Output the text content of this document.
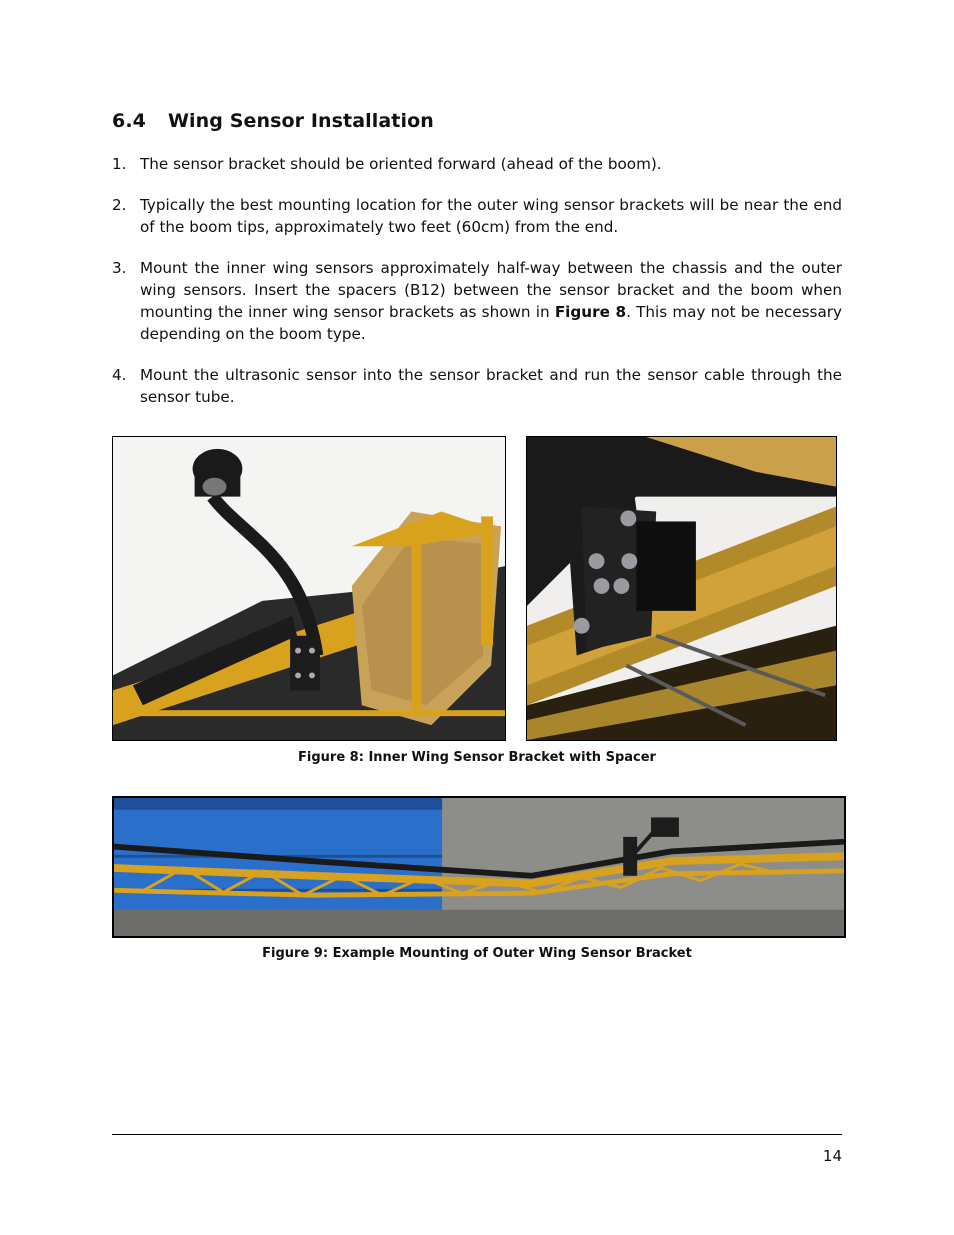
6.4 Wing Sensor Installation
1. The sensor bracket should be oriented forward (ahead of the boom).
2. Typically the best mounting location for the outer wing sensor brackets will be near the end of the boom tips, approximately two feet (60cm) from the end.
3. Mount the inner wing sensors approximately half-way between the chassis and the outer wing sensors. Insert the spacers (B12) between the sensor bracket and the boom when mounting the inner wing sensor brackets as shown in Figure 8. This may not be necessary depending on the boom type.
4. Mount the ultrasonic sensor into the sensor bracket and run the sensor cable through the sensor tube.
Figure 8: Inner Wing Sensor Bracket with Spacer
Figure 9: Example Mounting of Outer Wing Sensor Bracket
14
